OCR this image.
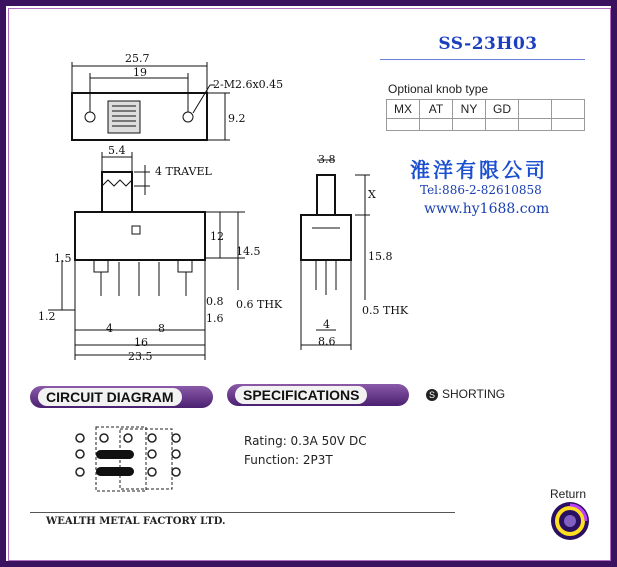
25.7
19
2-M2.6x0.45
9.2
5.4
4 TRAVEL
12
14.5
1.5
0.8
1.2	1.6
4	8
16
23.5
3.8
X
15.8
0.6 THK	0.5 THK
4
8.6
SS-23H03
Optional knob type
MX	AT	NY	GD		

淮洋有限公司
Tel:886-2-82610858
www.hy1688.com
CIRCUIT DIAGRAM	SPECIFICATIONS	S SHORTING
Rating: 0.3A 50V DC
Function: 2P3T
Return
WEALTH METAL FACTORY LTD.
